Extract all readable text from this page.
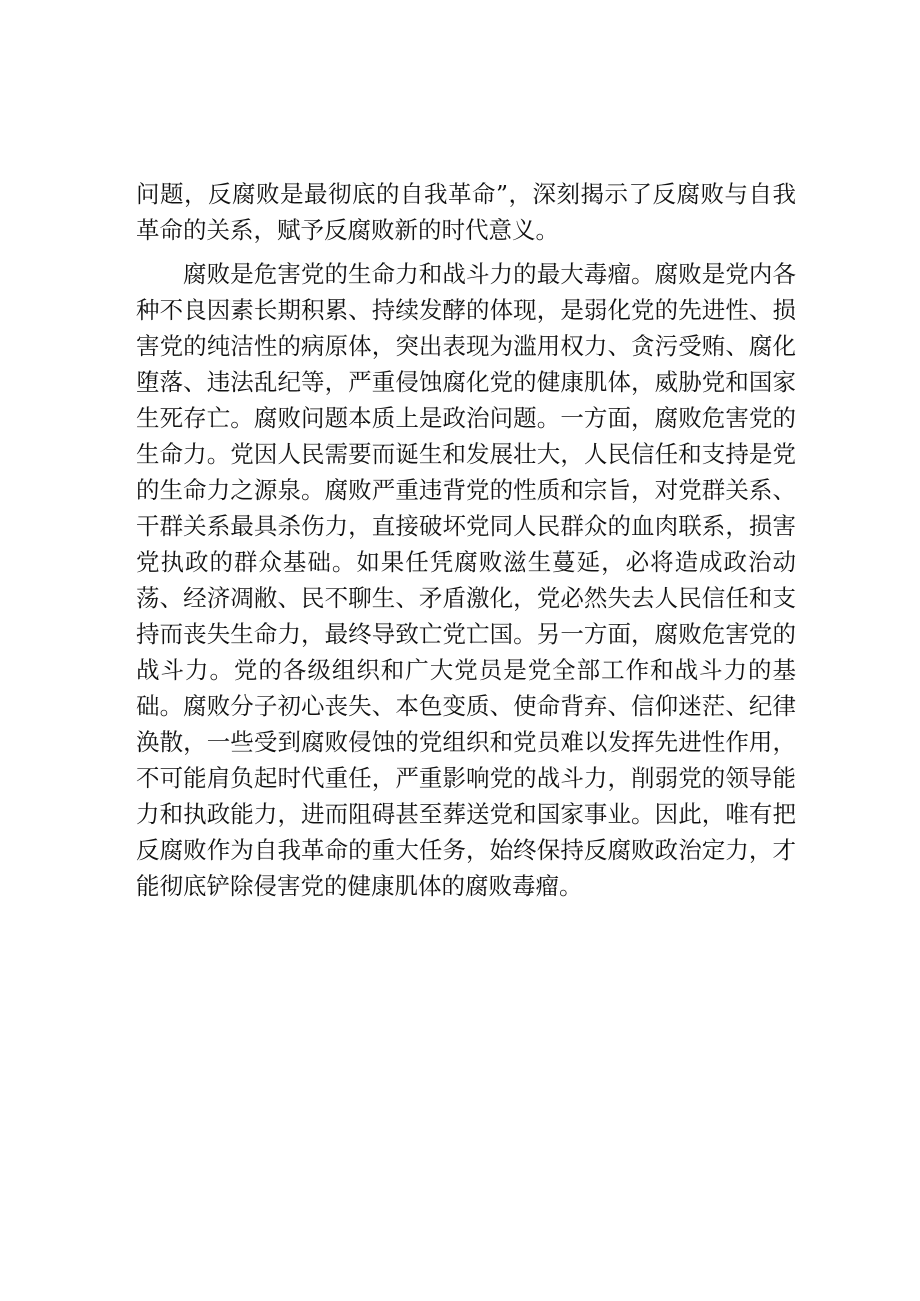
问题，反腐败是最彻底的自我革命”，深刻揭示了反腐败与自我革命的关系，赋予反腐败新的时代意义。

腐败是危害党的生命力和战斗力的最大毒瘤。腐败是党内各种不良因素长期积累、持续发酵的体现，是弱化党的先进性、损害党的纯洁性的病原体，突出表现为滥用权力、贪污受贿、腐化堕落、违法乱纪等，严重侵蚀腐化党的健康肌体，威胁党和国家生死存亡。腐败问题本质上是政治问题。一方面，腐败危害党的生命力。党因人民需要而诞生和发展壮大，人民信任和支持是党的生命力之源泉。腐败严重违背党的性质和宗旨，对党群关系、干群关系最具杀伤力，直接破坏党同人民群众的血肉联系，损害党执政的群众基础。如果任凭腐败滋生蔓延，必将造成政治动荡、经济凋敝、民不聊生、矛盾激化，党必然失去人民信任和支持而丧失生命力，最终导致亡党亡国。另一方面，腐败危害党的战斗力。党的各级组织和广大党员是党全部工作和战斗力的基础。腐败分子初心丧失、本色变质、使命背弃、信仰迷茫、纪律涣散，一些受到腐败侵蚀的党组织和党员难以发挥先进性作用，不可能肩负起时代重任，严重影响党的战斗力，削弱党的领导能力和执政能力，进而阻碍甚至葬送党和国家事业。因此，唯有把反腐败作为自我革命的重大任务，始终保持反腐败政治定力，才能彻底铲除侵害党的健康肌体的腐败毒瘤。
